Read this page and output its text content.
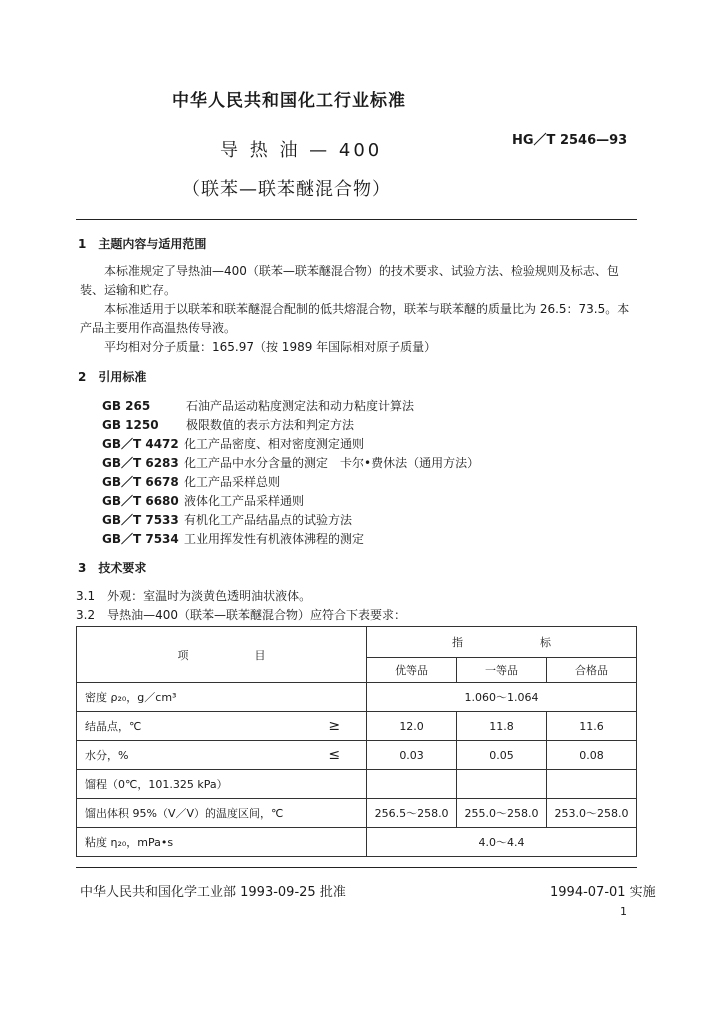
中华人民共和国化工行业标准
HG／T 2546—93
导 热 油 — 400
（联苯—联苯醚混合物）
1　主题内容与适用范围
本标准规定了导热油—400（联苯—联苯醚混合物）的技术要求、试验方法、检验规则及标志、包装、运输和贮存。
本标准适用于以联苯和联苯醚混合配制的低共熔混合物，联苯与联苯醚的质量比为 26.5：73.5。本产品主要用作高温热传导液。
平均相对分子质量：165.97（按 1989 年国际相对原子质量）
2　引用标准
GB 265	石油产品运动粘度测定法和动力粘度计算法
GB 1250 极限数值的表示方法和判定方法
GB／T 4472 化工产品密度、相对密度测定通则
GB／T 6283 化工产品中水分含量的测定　卡尔•费休法（通用方法）
GB／T 6678 化工产品采样总则
GB／T 6680 液体化工产品采样通则
GB／T 7533 有机化工产品结晶点的试验方法
GB／T 7534 工业用挥发性有机液体沸程的测定
3　技术要求
3.1　外观：室温时为淡黄色透明油状液体。
3.2　导热油—400（联苯—联苯醚混合物）应符合下表要求：
项　　　　　　目	指　　　　　　　标		
	优等品	一等品	合格品
密度 ρ₂₀，g／cm³	1.060～1.064		
结晶点，℃ ≥	12.0	11.8	11.6
水分，% ≤	0.03	0.05	0.08
馏程（0℃，101.325 kPa）			
馏出体积 95%（V／V）的温度区间，℃	256.5～258.0	255.0～258.0	253.0～258.0
粘度 η₂₀，mPa•s	4.0～4.4		
中华人民共和国化学工业部 1993-09-25 批准	1994-07-01 实施
1
